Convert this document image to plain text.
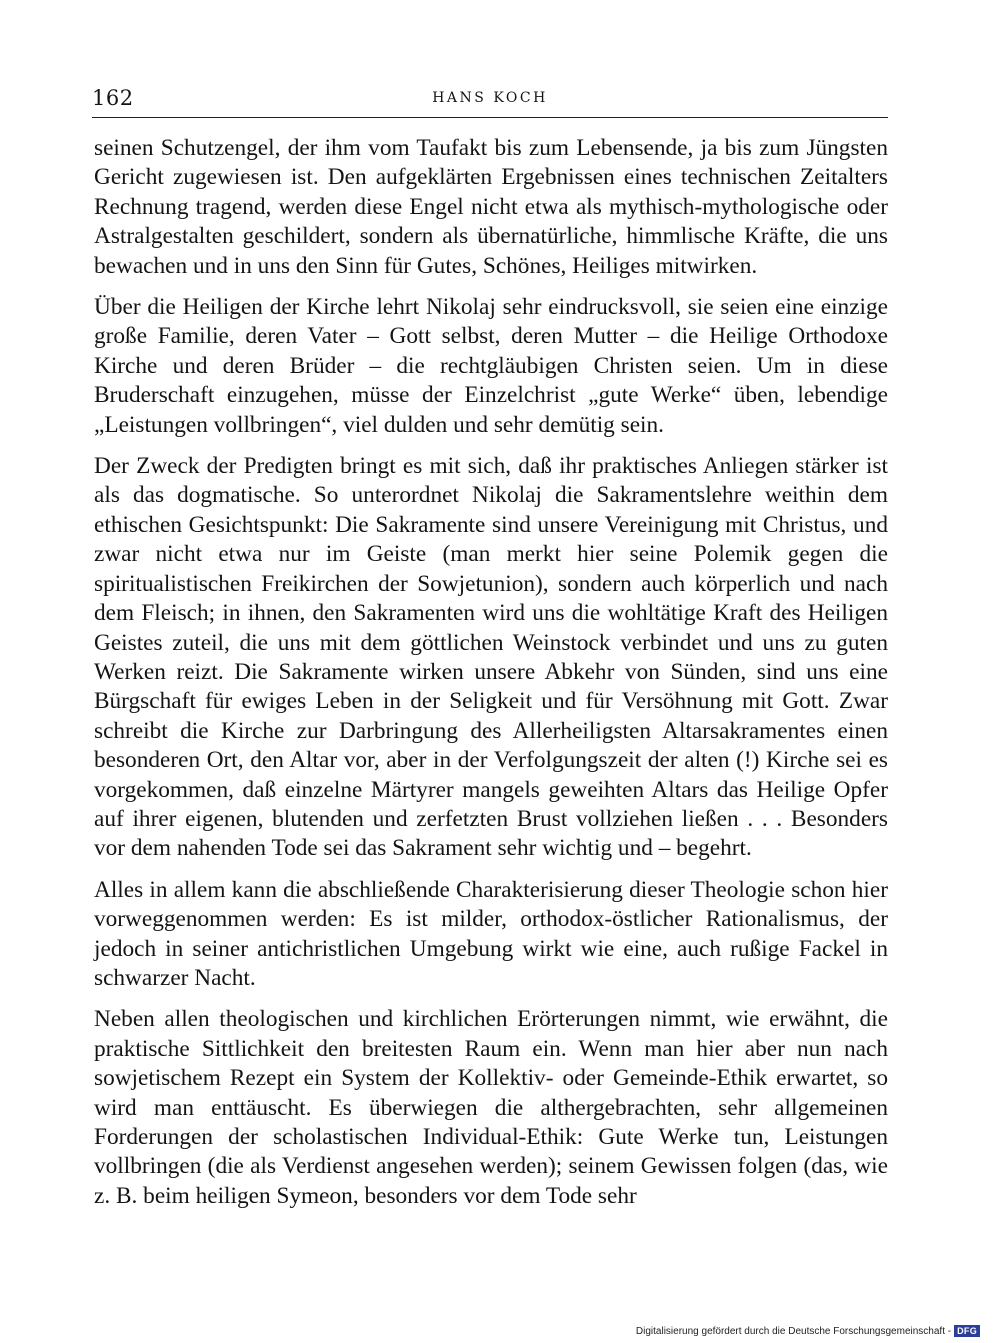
162	HANS KOCH

seinen Schutzengel, der ihm vom Taufakt bis zum Lebensende, ja bis zum Jüngsten Gericht zugewiesen ist. Den aufgeklärten Ergebnissen eines technischen Zeitalters Rechnung tragend, werden diese Engel nicht etwa als mythisch-mythologische oder Astralgestalten geschildert, sondern als übernatürliche, himmlische Kräfte, die uns bewachen und in uns den Sinn für Gutes, Schönes, Heiliges mitwirken.

Über die Heiligen der Kirche lehrt Nikolaj sehr eindrucksvoll, sie seien eine einzige große Familie, deren Vater – Gott selbst, deren Mutter – die Heilige Orthodoxe Kirche und deren Brüder – die rechtgläubigen Christen seien. Um in diese Bruderschaft einzugehen, müsse der Einzelchrist „gute Werke“ üben, lebendige „Leistungen vollbringen“, viel dulden und sehr demütig sein.

Der Zweck der Predigten bringt es mit sich, daß ihr praktisches Anliegen stärker ist als das dogmatische. So unterordnet Nikolaj die Sakramentslehre weithin dem ethischen Gesichtspunkt: Die Sakramente sind unsere Vereinigung mit Christus, und zwar nicht etwa nur im Geiste (man merkt hier seine Polemik gegen die spiritualistischen Freikirchen der Sowjetunion), sondern auch körperlich und nach dem Fleisch; in ihnen, den Sakramenten wird uns die wohltätige Kraft des Heiligen Geistes zuteil, die uns mit dem göttlichen Weinstock verbindet und uns zu guten Werken reizt. Die Sakramente wirken unsere Abkehr von Sünden, sind uns eine Bürgschaft für ewiges Leben in der Seligkeit und für Versöhnung mit Gott. Zwar schreibt die Kirche zur Darbringung des Allerheiligsten Altarsakramentes einen besonderen Ort, den Altar vor, aber in der Verfolgungszeit der alten (!) Kirche sei es vorgekommen, daß einzelne Märtyrer mangels geweihten Altars das Heilige Opfer auf ihrer eigenen, blutenden und zerfetzten Brust vollziehen ließen . . . Besonders vor dem nahenden Tode sei das Sakrament sehr wichtig und – begehrt.

Alles in allem kann die abschließende Charakterisierung dieser Theologie schon hier vorweggenommen werden: Es ist milder, orthodox-östlicher Rationalismus, der jedoch in seiner antichristlichen Umgebung wirkt wie eine, auch rußige Fackel in schwarzer Nacht.

Neben allen theologischen und kirchlichen Erörterungen nimmt, wie erwähnt, die praktische Sittlichkeit den breitesten Raum ein. Wenn man hier aber nun nach sowjetischem Rezept ein System der Kollektiv- oder Gemeinde-Ethik erwartet, so wird man enttäuscht. Es überwiegen die althergebrachten, sehr allgemeinen Forderungen der scholastischen Individual-Ethik: Gute Werke tun, Leistungen vollbringen (die als Verdienst angesehen werden); seinem Gewissen folgen (das, wie z. B. beim heiligen Symeon, besonders vor dem Tode sehr

Digitalisierung gefördert durch die Deutsche Forschungsgemeinschaft - DFG
